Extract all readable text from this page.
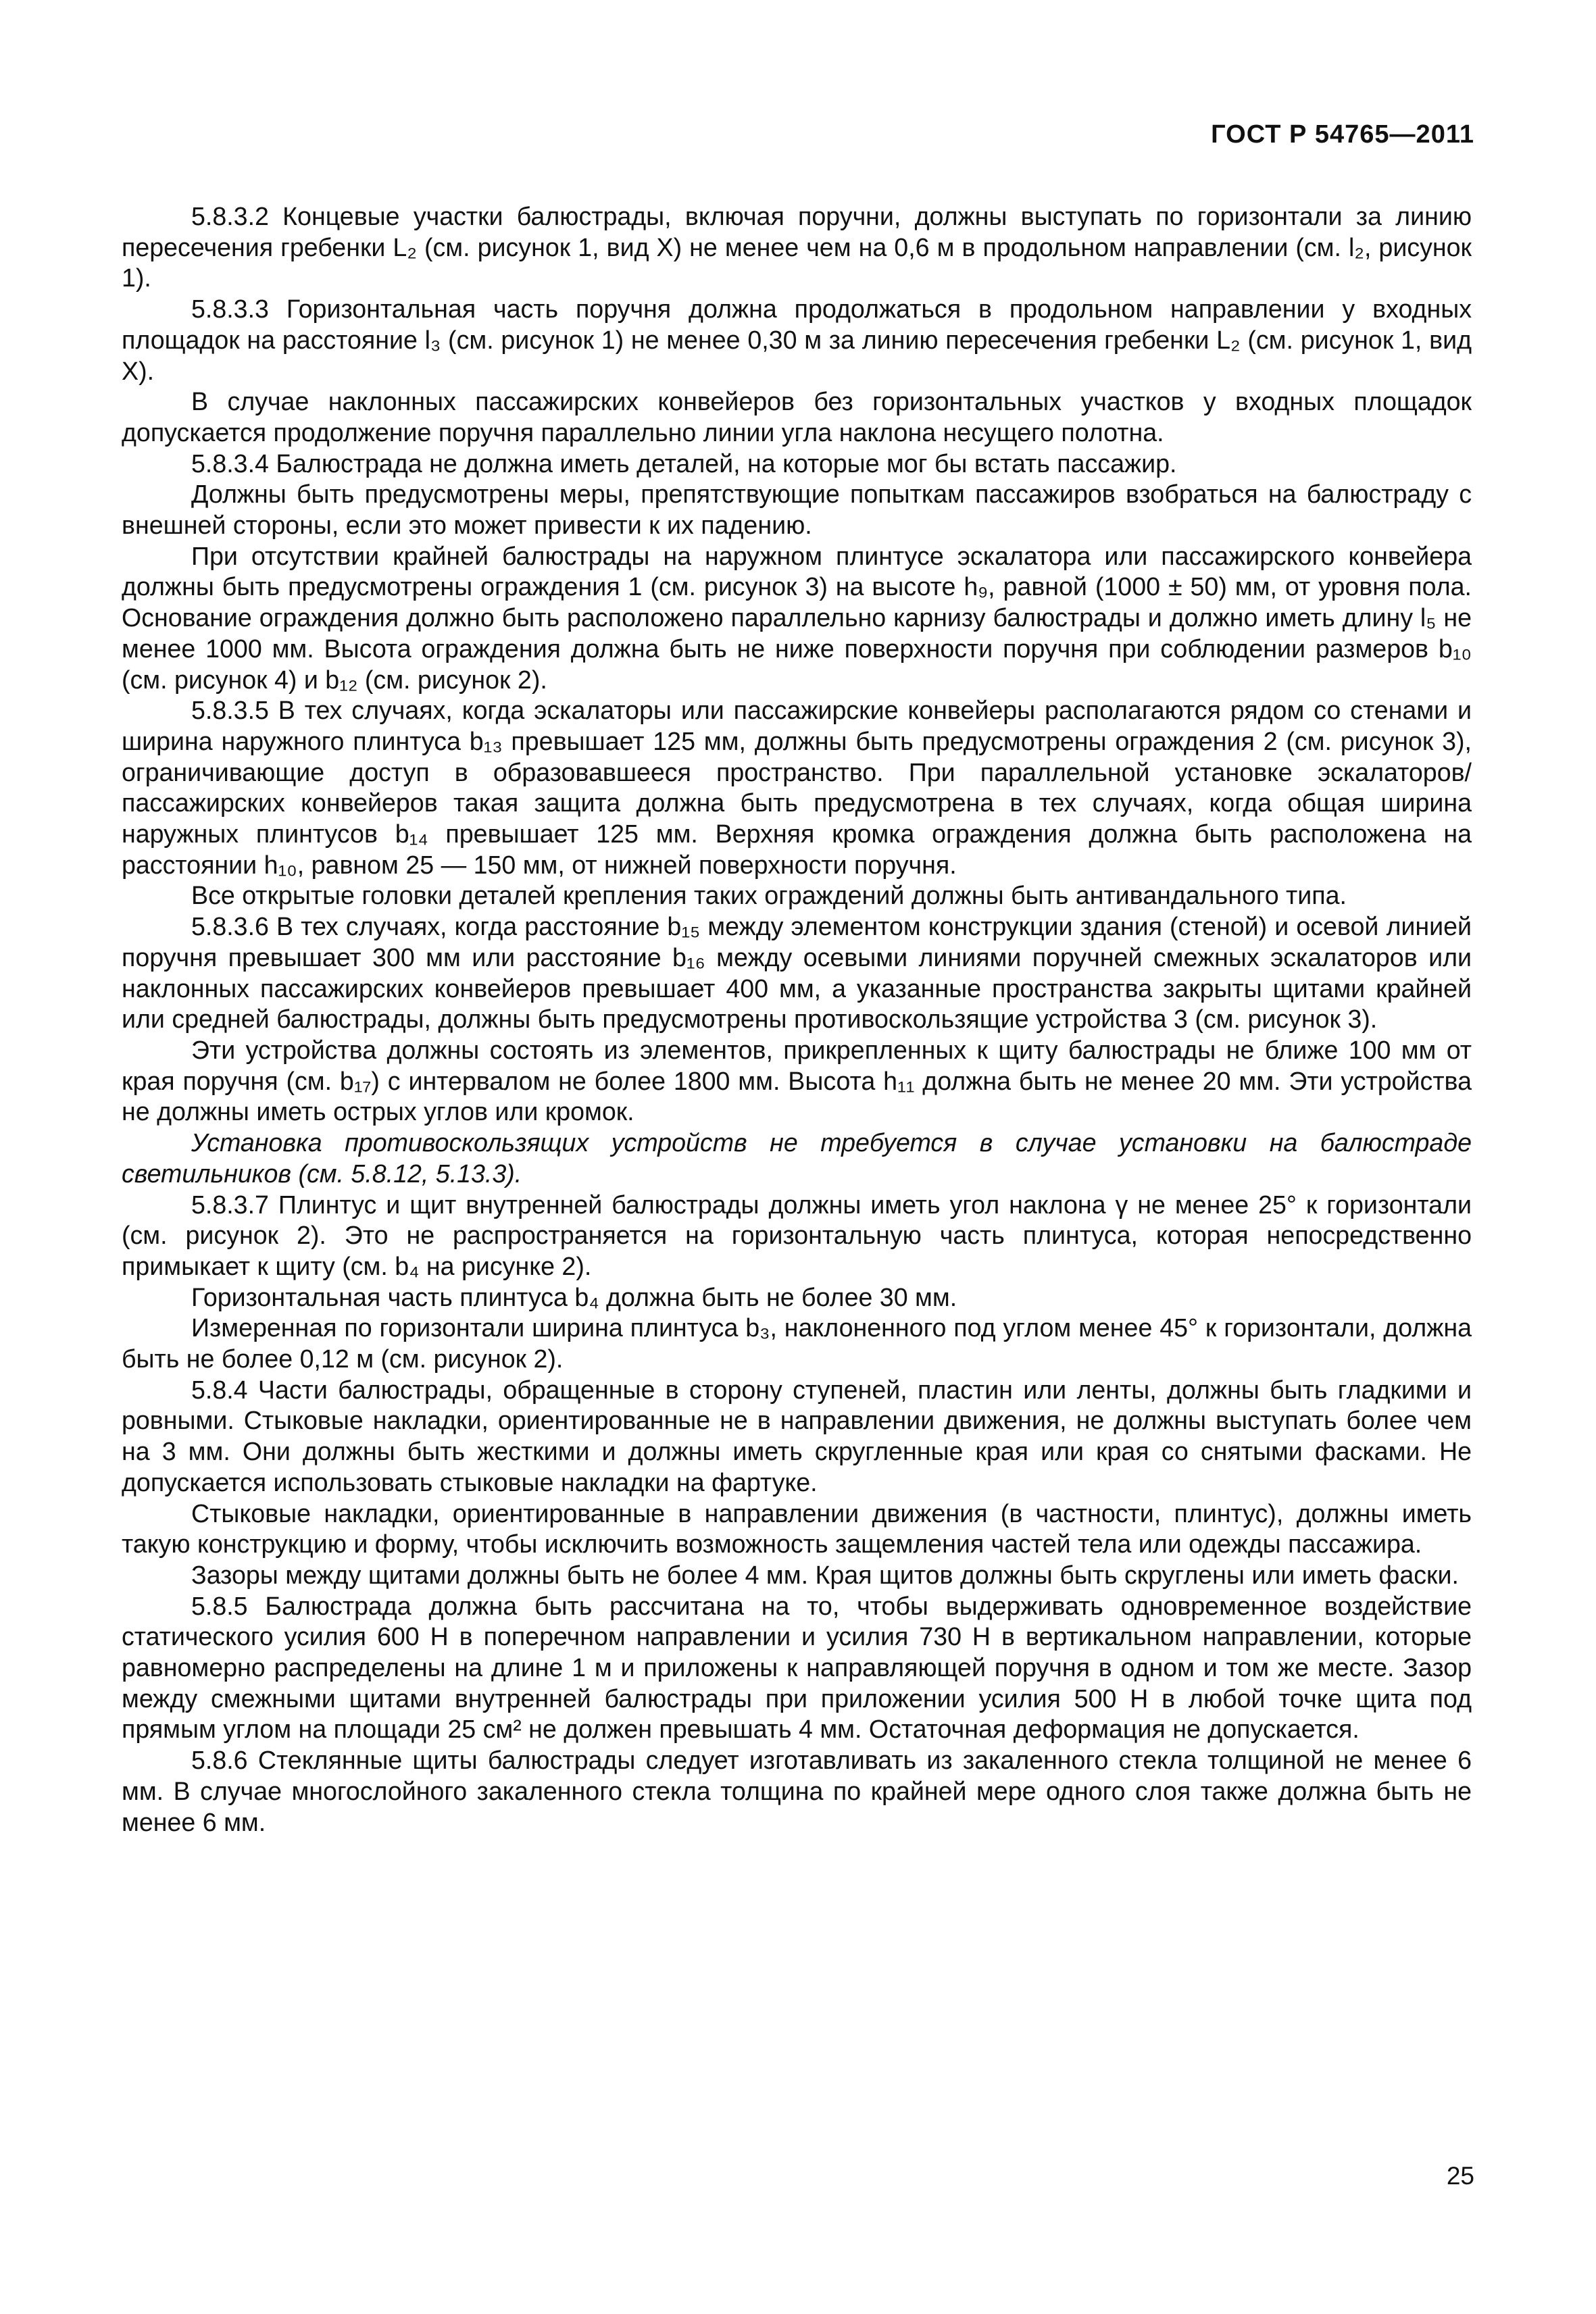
ГОСТ Р 54765—2011

5.8.3.2 Концевые участки балюстрады, включая поручни, должны выступать по горизонтали за линию пересечения гребенки L₂ (см. рисунок 1, вид X) не менее чем на 0,6 м в продольном направлении (см. l₂, рисунок 1).

5.8.3.3 Горизонтальная часть поручня должна продолжаться в продольном направлении у входных площадок на расстояние l₃ (см. рисунок 1) не менее 0,30 м за линию пересечения гребенки L₂ (см. рисунок 1, вид X).

В случае наклонных пассажирских конвейеров без горизонтальных участков у входных площадок допускается продолжение поручня параллельно линии угла наклона несущего полотна.

5.8.3.4 Балюстрада не должна иметь деталей, на которые мог бы встать пассажир.

Должны быть предусмотрены меры, препятствующие попыткам пассажиров взобраться на балюстраду с внешней стороны, если это может привести к их падению.

При отсутствии крайней балюстрады на наружном плинтусе эскалатора или пассажирского конвейера должны быть предусмотрены ограждения 1 (см. рисунок 3) на высоте h₉, равной (1000 ± 50) мм, от уровня пола. Основание ограждения должно быть расположено параллельно карнизу балюстрады и должно иметь длину l₅ не менее 1000 мм. Высота ограждения должна быть не ниже поверхности поручня при соблюдении размеров b₁₀ (см. рисунок 4) и b₁₂ (см. рисунок 2).

5.8.3.5 В тех случаях, когда эскалаторы или пассажирские конвейеры располагаются рядом со стенами и ширина наружного плинтуса b₁₃ превышает 125 мм, должны быть предусмотрены ограждения 2 (см. рисунок 3), ограничивающие доступ в образовавшееся пространство. При параллельной установке эскалаторов/пассажирских конвейеров такая защита должна быть предусмотрена в тех случаях, когда общая ширина наружных плинтусов b₁₄ превышает 125 мм. Верхняя кромка ограждения должна быть расположена на расстоянии h₁₀, равном 25 — 150 мм, от нижней поверхности поручня.

Все открытые головки деталей крепления таких ограждений должны быть антивандального типа.

5.8.3.6 В тех случаях, когда расстояние b₁₅ между элементом конструкции здания (стеной) и осевой линией поручня превышает 300 мм или расстояние b₁₆ между осевыми линиями поручней смежных эскалаторов или наклонных пассажирских конвейеров превышает 400 мм, а указанные пространства закрыты щитами крайней или средней балюстрады, должны быть предусмотрены противоскользящие устройства 3 (см. рисунок 3).

Эти устройства должны состоять из элементов, прикрепленных к щиту балюстрады не ближе 100 мм от края поручня (см. b₁₇) с интервалом не более 1800 мм. Высота h₁₁ должна быть не менее 20 мм. Эти устройства не должны иметь острых углов или кромок.

Установка противоскользящих устройств не требуется в случае установки на балюстраде светильников (см. 5.8.12, 5.13.3).

5.8.3.7 Плинтус и щит внутренней балюстрады должны иметь угол наклона γ не менее 25° к горизонтали (см. рисунок 2). Это не распространяется на горизонтальную часть плинтуса, которая непосредственно примыкает к щиту (см. b₄ на рисунке 2).

Горизонтальная часть плинтуса b₄ должна быть не более 30 мм.

Измеренная по горизонтали ширина плинтуса b₃, наклоненного под углом менее 45° к горизонтали, должна быть не более 0,12 м (см. рисунок 2).

5.8.4 Части балюстрады, обращенные в сторону ступеней, пластин или ленты, должны быть гладкими и ровными. Стыковые накладки, ориентированные не в направлении движения, не должны выступать более чем на 3 мм. Они должны быть жесткими и должны иметь скругленные края или края со снятыми фасками. Не допускается использовать стыковые накладки на фартуке.

Стыковые накладки, ориентированные в направлении движения (в частности, плинтус), должны иметь такую конструкцию и форму, чтобы исключить возможность защемления частей тела или одежды пассажира.

Зазоры между щитами должны быть не более 4 мм. Края щитов должны быть скруглены или иметь фаски.

5.8.5 Балюстрада должна быть рассчитана на то, чтобы выдерживать одновременное воздействие статического усилия 600 Н в поперечном направлении и усилия 730 Н в вертикальном направлении, которые равномерно распределены на длине 1 м и приложены к направляющей поручня в одном и том же месте. Зазор между смежными щитами внутренней балюстрады при приложении усилия 500 Н в любой точке щита под прямым углом на площади 25 см² не должен превышать 4 мм. Остаточная деформация не допускается.

5.8.6 Стеклянные щиты балюстрады следует изготавливать из закаленного стекла толщиной не менее 6 мм. В случае многослойного закаленного стекла толщина по крайней мере одного слоя также должна быть не менее 6 мм.

25
